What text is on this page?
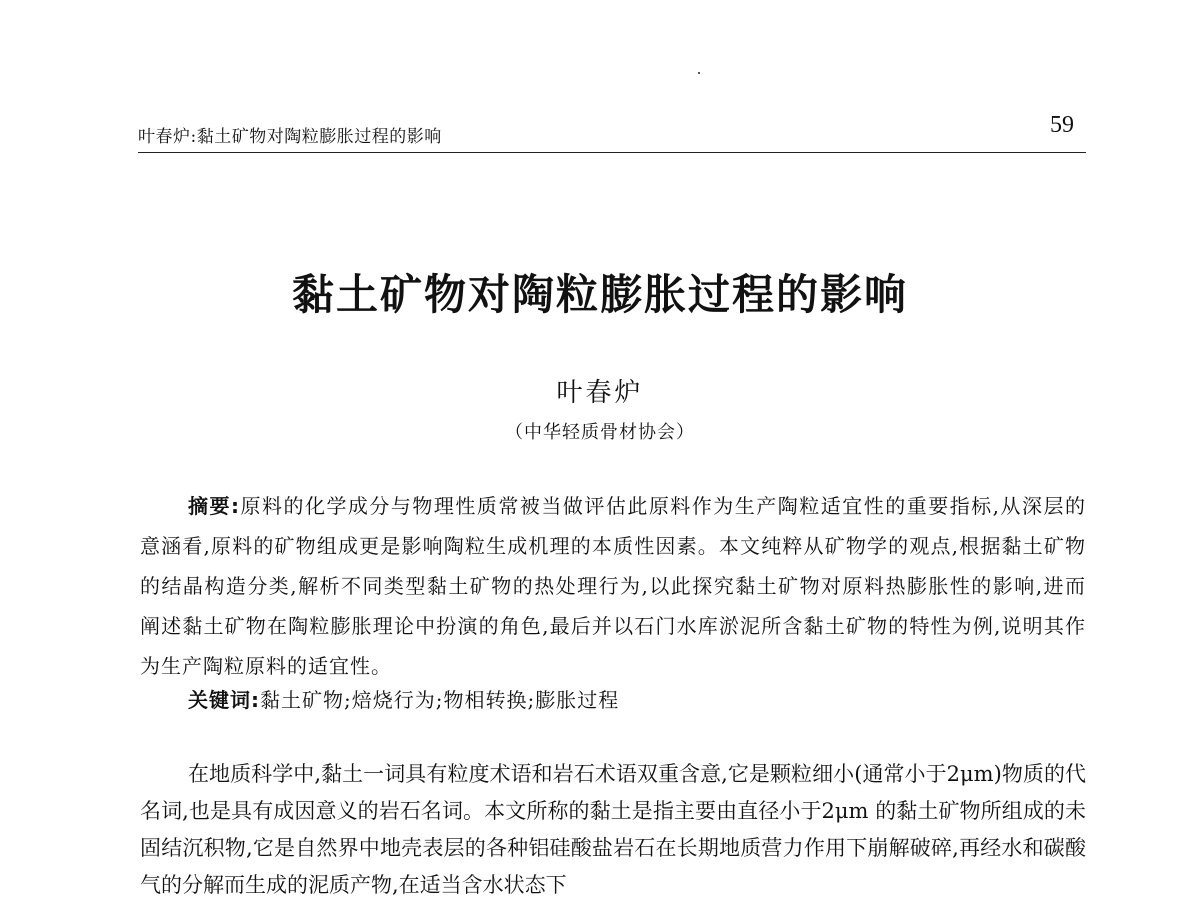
叶春炉:黏土矿物对陶粒膨胀过程的影响	59
黏土矿物对陶粒膨胀过程的影响
叶春炉
（中华轻质骨材协会）
摘要:原料的化学成分与物理性质常被当做评估此原料作为生产陶粒适宜性的重要指标,从深层的意涵看,原料的矿物组成更是影响陶粒生成机理的本质性因素。本文纯粹从矿物学的观点,根据黏土矿物的结晶构造分类,解析不同类型黏土矿物的热处理行为,以此探究黏土矿物对原料热膨胀性的影响,进而阐述黏土矿物在陶粒膨胀理论中扮演的角色,最后并以石门水库淤泥所含黏土矿物的特性为例,说明其作为生产陶粒原料的适宜性。
关键词:黏土矿物;焙烧行为;物相转换;膨胀过程
在地质科学中,黏土一词具有粒度术语和岩石术语双重含意,它是颗粒细小(通常小于2μm)物质的代名词,也是具有成因意义的岩石名词。本文所称的黏土是指主要由直径小于2μm 的黏土矿物所组成的未固结沉积物,它是自然界中地壳表层的各种铝硅酸盐岩石在长期地质营力作用下崩解破碎,再经水和碳酸气的分解而生成的泥质产物,在适当含水状态下
